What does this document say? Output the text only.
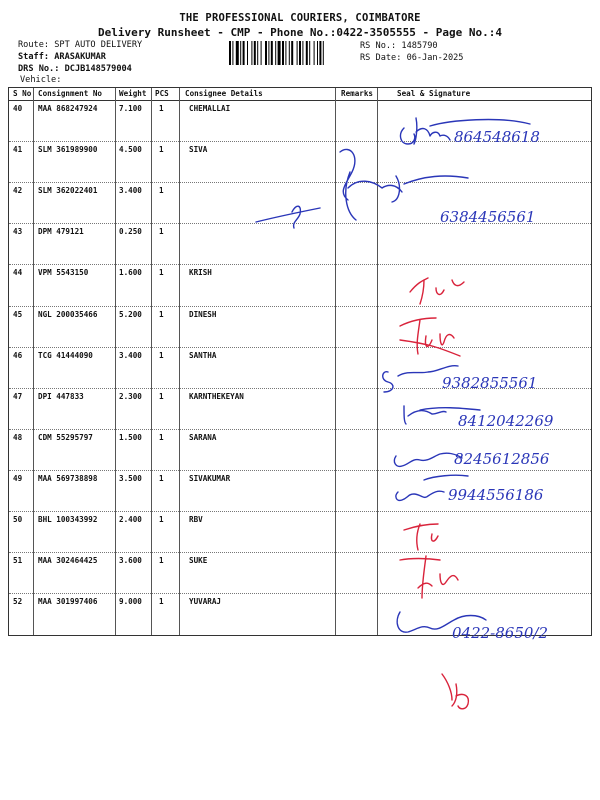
THE PROFESSIONAL COURIERS, COIMBATORE
Delivery Runsheet - CMP - Phone No.:0422-3505555 - Page No.:4
Route: SPT AUTO DELIVERY
Staff: ARASAKUMAR
DRS No.: DCJB148579004
Vehicle:
RS No.: 1485790
RS Date: 06-Jan-2025
S No Consignment No Weight PCS Consignee Details	Remarks	Seal & Signature
40 MAA 868247924	7.100 1	CHEMALLAI
41 SLM 361989900	4.500 1	SIVA
42 SLM 362022401	3.400 1
43 DPM 479121	0.250 1
44 VPM 5543150	1.600 1	KRISH
45 NGL 200035466	5.200 1	DINESH
46 TCG 41444090	3.400 1	SANTHA
47 DPI 447833	2.300 1	KARNTHEKEYAN
48 CDM 55295797	1.500 1	SARANA
49 MAA 569738898	3.500 1	SIVAKUMAR
50 BHL 100343992	2.400 1	RBV
51 MAA 302464425	3.600 1	SUKE
52 MAA 301997406	9.000 1	YUVARAJ
864548618
6384456561
9382855561
8412042269
8245612856
9944556186
0422-8650/2
